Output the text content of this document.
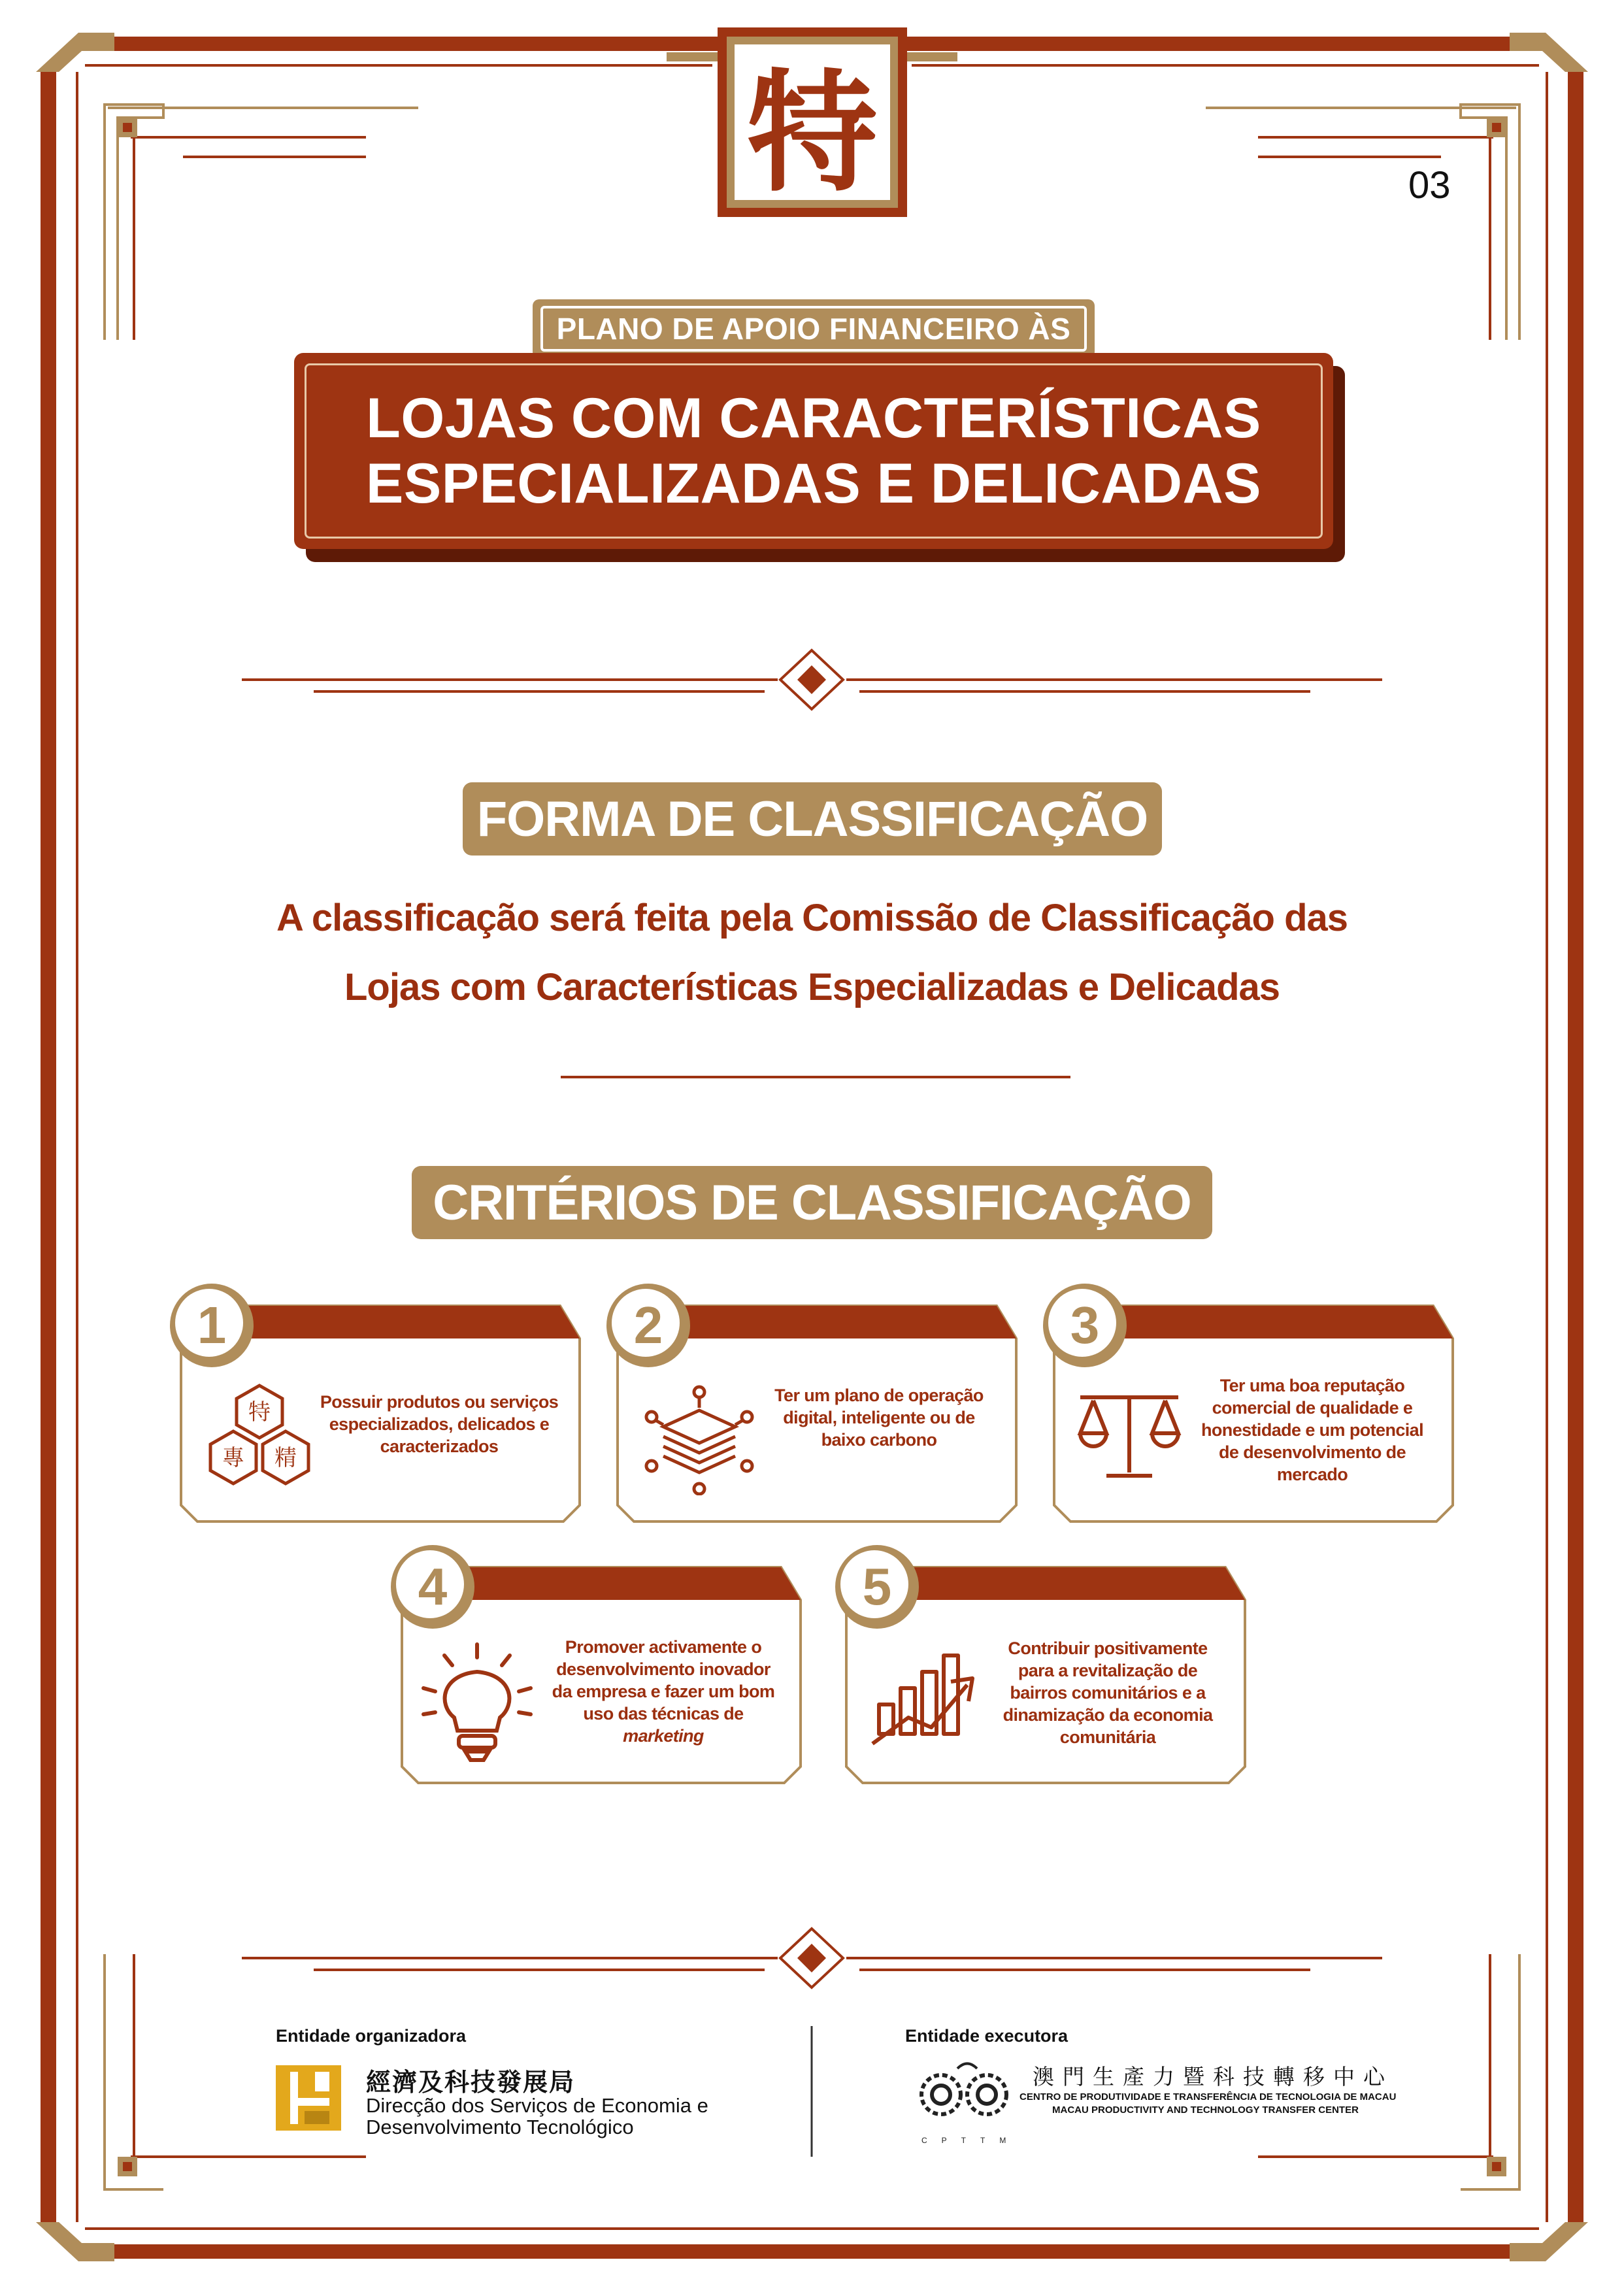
特	03
PLANO DE APOIO FINANCEIRO ÀS
LOJAS COM CARACTERÍSTICAS
ESPECIALIZADAS E DELICADAS
FORMA DE CLASSIFICAÇÃO
A classificação será feita pela Comissão de Classificação das
Lojas com Características Especializadas e Delicadas
CRITÉRIOS DE CLASSIFICAÇÃO
1
特
專 精
Possuir produtos ou serviços
especializados, delicados e
caracterizados
2
Ter um plano de operação
digital, inteligente ou de
baixo carbono
3
Ter uma boa reputação
comercial de qualidade e
honestidade e um potencial
de desenvolvimento de
mercado
4
Promover activamente o
desenvolvimento inovador
da empresa e fazer um bom
uso das técnicas de
marketing
5
Contribuir positivamente
para a revitalização de
bairros comunitários e a
dinamização da economia
comunitária
Entidade organizadora
經濟及科技發展局
Direcção dos Serviços de Economia e
Desenvolvimento Tecnológico
Entidade executora
CPTTM
澳門生產力暨科技轉移中心
CENTRO DE PRODUTIVIDADE E TRANSFERÊNCIA DE TECNOLOGIA DE MACAU
MACAU PRODUCTIVITY AND TECHNOLOGY TRANSFER CENTER
